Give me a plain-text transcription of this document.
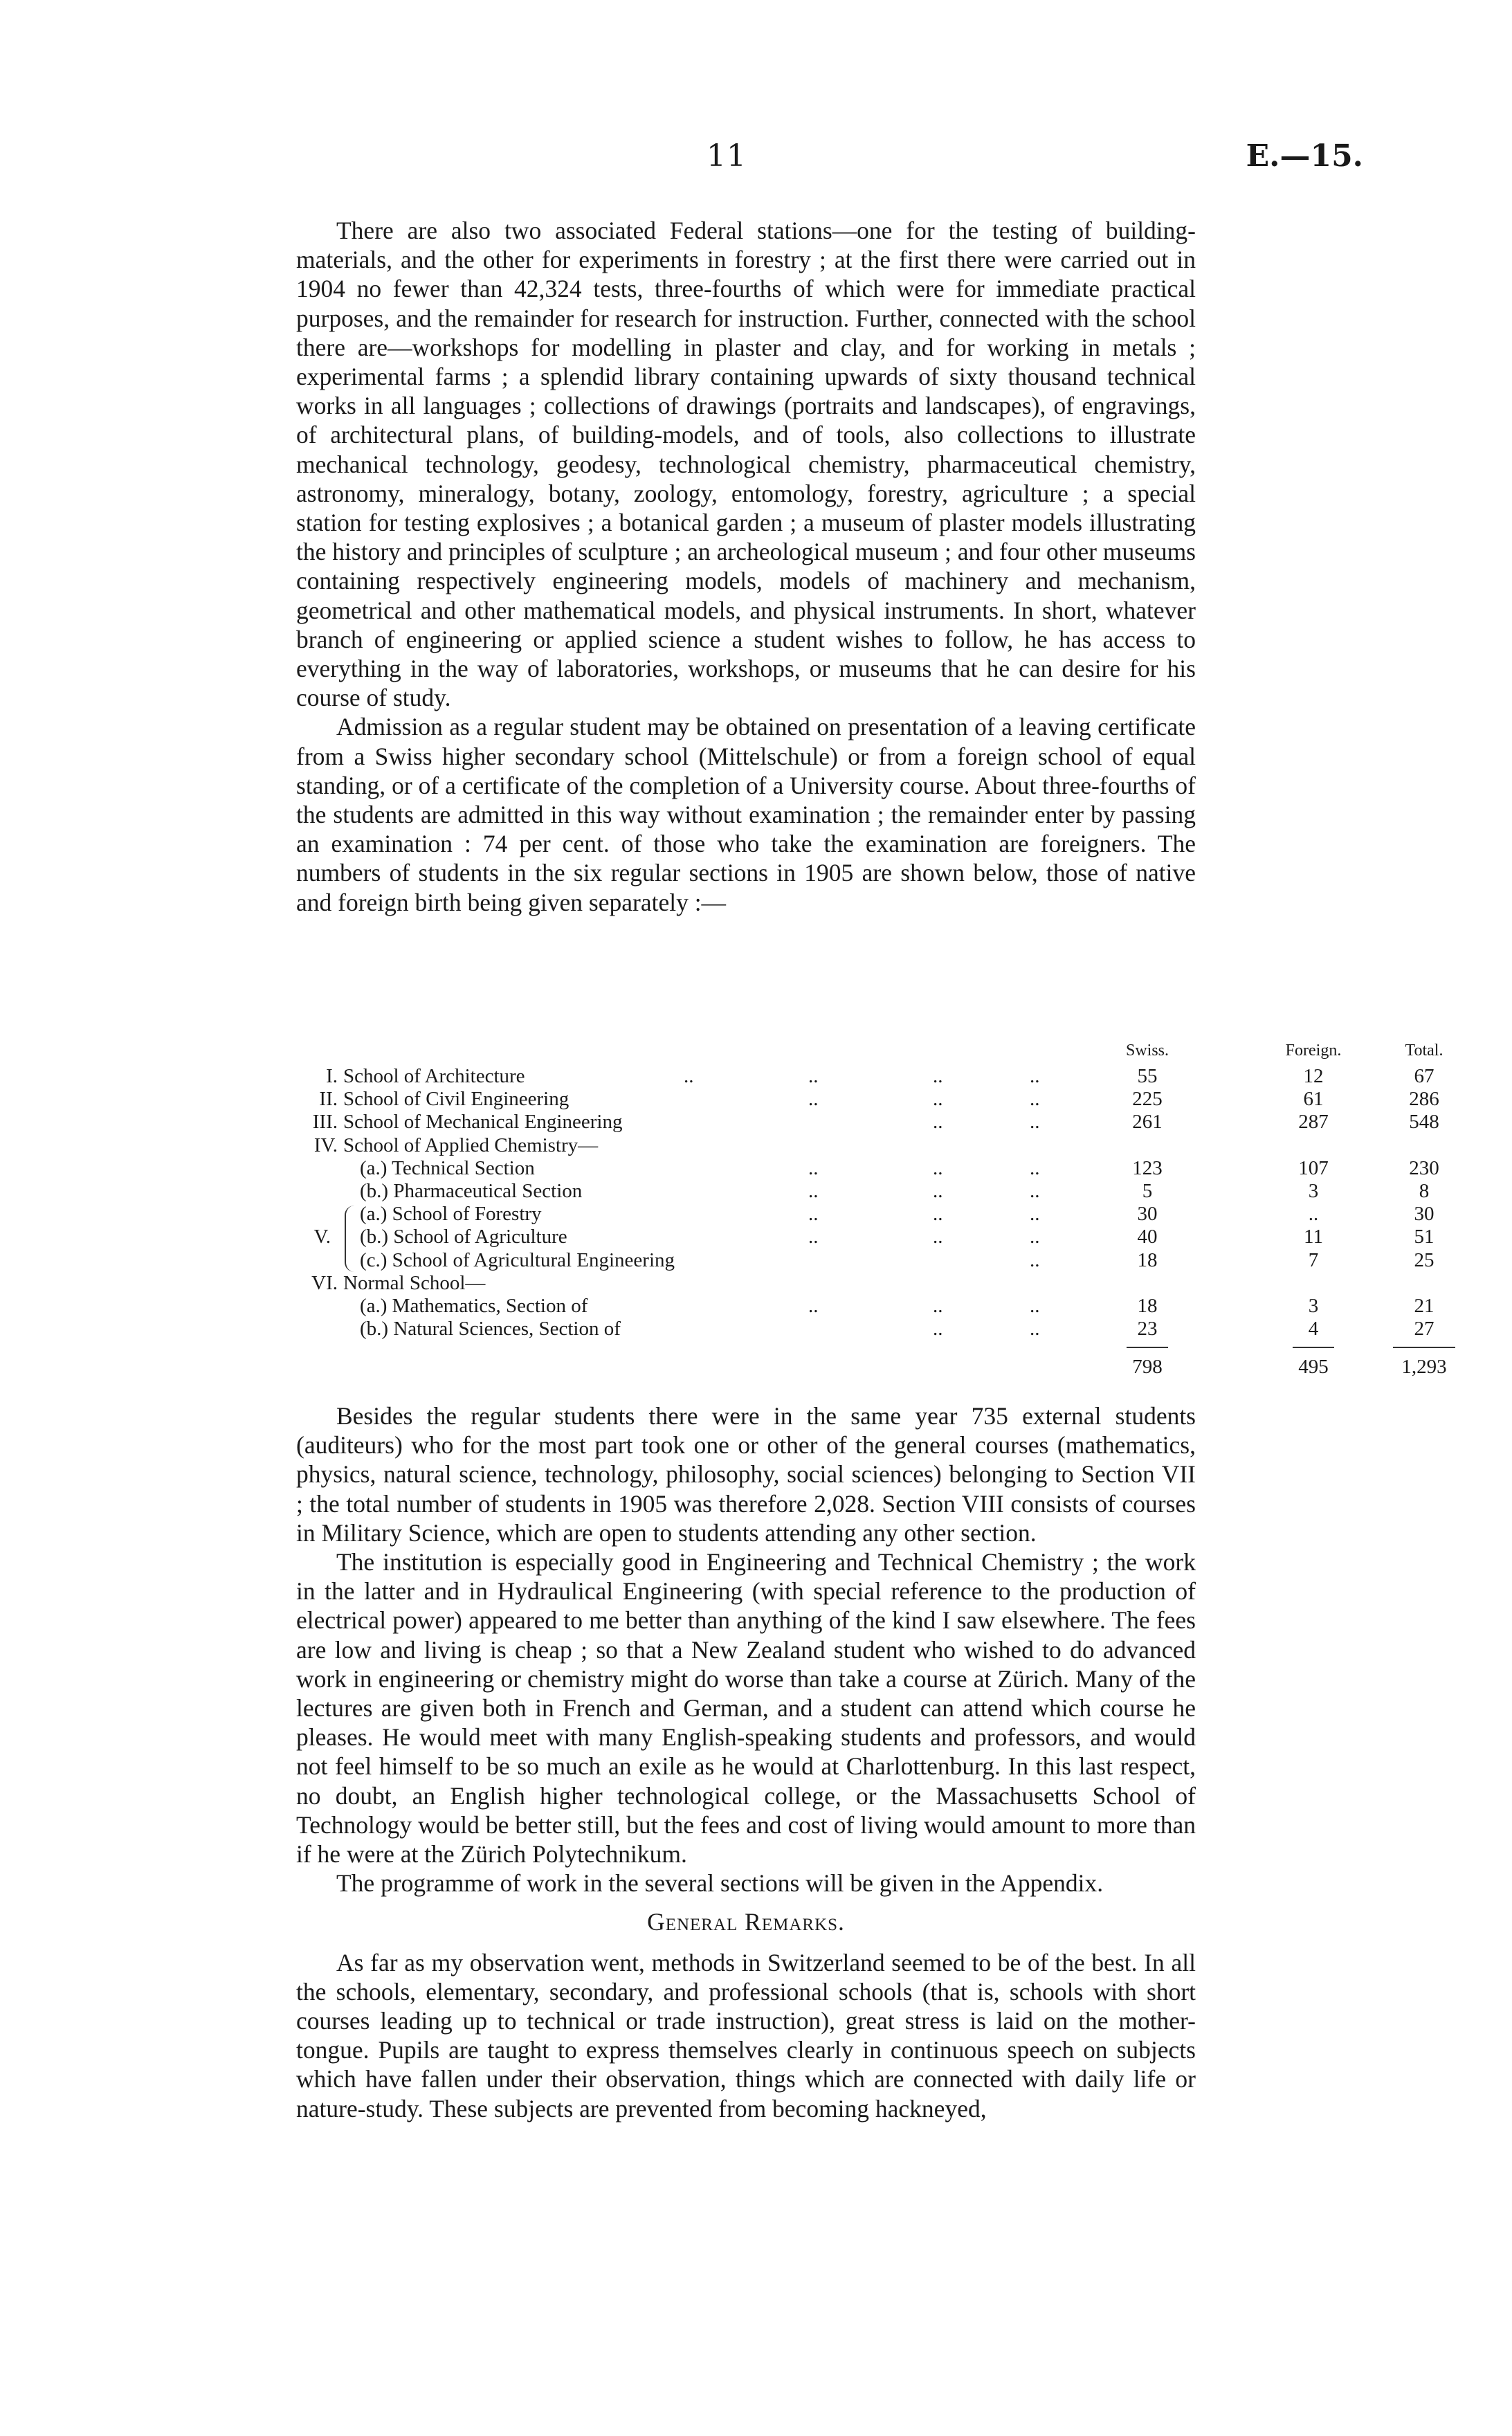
11	E.—15.

There are also two associated Federal stations—one for the testing of building-materials, and the other for experiments in forestry ; at the first there were carried out in 1904 no fewer than 42,324 tests, three-fourths of which were for immediate practical purposes, and the remainder for research for instruction. Further, connected with the school there are—workshops for modelling in plaster and clay, and for working in metals ; experimental farms ; a splendid library containing upwards of sixty thousand technical works in all languages ; collections of drawings (portraits and landscapes), of engravings, of architectural plans, of building-models, and of tools, also collections to illustrate mechanical technology, geodesy, technological chemistry, pharmaceutical chemistry, astronomy, mineralogy, botany, zoology, entomology, forestry, agriculture ; a special station for testing explosives ; a botanical garden ; a museum of plaster models illustrating the history and principles of sculpture ; an archeological museum ; and four other museums containing respectively engineering models, models of machinery and mechanism, geometrical and other mathematical models, and physical instruments. In short, whatever branch of engineering or applied science a student wishes to follow, he has access to everything in the way of laboratories, workshops, or museums that he can desire for his course of study.

Admission as a regular student may be obtained on presentation of a leaving certificate from a Swiss higher secondary school (Mittelschule) or from a foreign school of equal standing, or of a certificate of the completion of a University course. About three-fourths of the students are admitted in this way without examination ; the remainder enter by passing an examination : 74 per cent. of those who take the examination are foreigners. The numbers of students in the six regular sections in 1905 are shown below, those of native and foreign birth being given separately :—

Swiss.	Foreign.	Total.
I. School of Architecture	..	..	..	..	55	12	67
II. School of Civil Engineering	..	..	..	225	61	286
III. School of Mechanical Engineering	..	..	261	287	548
IV. School of Applied Chemistry—
(a.) Technical Section	..	..	..	123	107	230
(b.) Pharmaceutical Section	..	..	..	5	3	8
(a.) School of Forestry	..	..	..	30	..	30
V. (b.) School of Agriculture	..	..	..	40	11	51
(c.) School of Agricultural Engineering	..	18	7	25
VI. Normal School—
(a.) Mathematics, Section of	..	..	..	18	3	21
(b.) Natural Sciences, Section of	..	..	23	4	27
798	495	1,293

Besides the regular students there were in the same year 735 external students (auditeurs) who for the most part took one or other of the general courses (mathematics, physics, natural science, technology, philosophy, social sciences) belonging to Section VII ; the total number of students in 1905 was therefore 2,028. Section VIII consists of courses in Military Science, which are open to students attending any other section.

The institution is especially good in Engineering and Technical Chemistry ; the work in the latter and in Hydraulical Engineering (with special reference to the production of electrical power) appeared to me better than anything of the kind I saw elsewhere. The fees are low and living is cheap ; so that a New Zealand student who wished to do advanced work in engineering or chemistry might do worse than take a course at Zürich. Many of the lectures are given both in French and German, and a student can attend which course he pleases. He would meet with many English-speaking students and professors, and would not feel himself to be so much an exile as he would at Charlottenburg. In this last respect, no doubt, an English higher technological college, or the Massachusetts School of Technology would be better still, but the fees and cost of living would amount to more than if he were at the Zürich Polytechnikum.

The programme of work in the several sections will be given in the Appendix.

General Remarks.

As far as my observation went, methods in Switzerland seemed to be of the best. In all the schools, elementary, secondary, and professional schools (that is, schools with short courses leading up to technical or trade instruction), great stress is laid on the mother-tongue. Pupils are taught to express themselves clearly in continuous speech on subjects which have fallen under their observation, things which are connected with daily life or nature-study. These subjects are prevented from becoming hackneyed,
